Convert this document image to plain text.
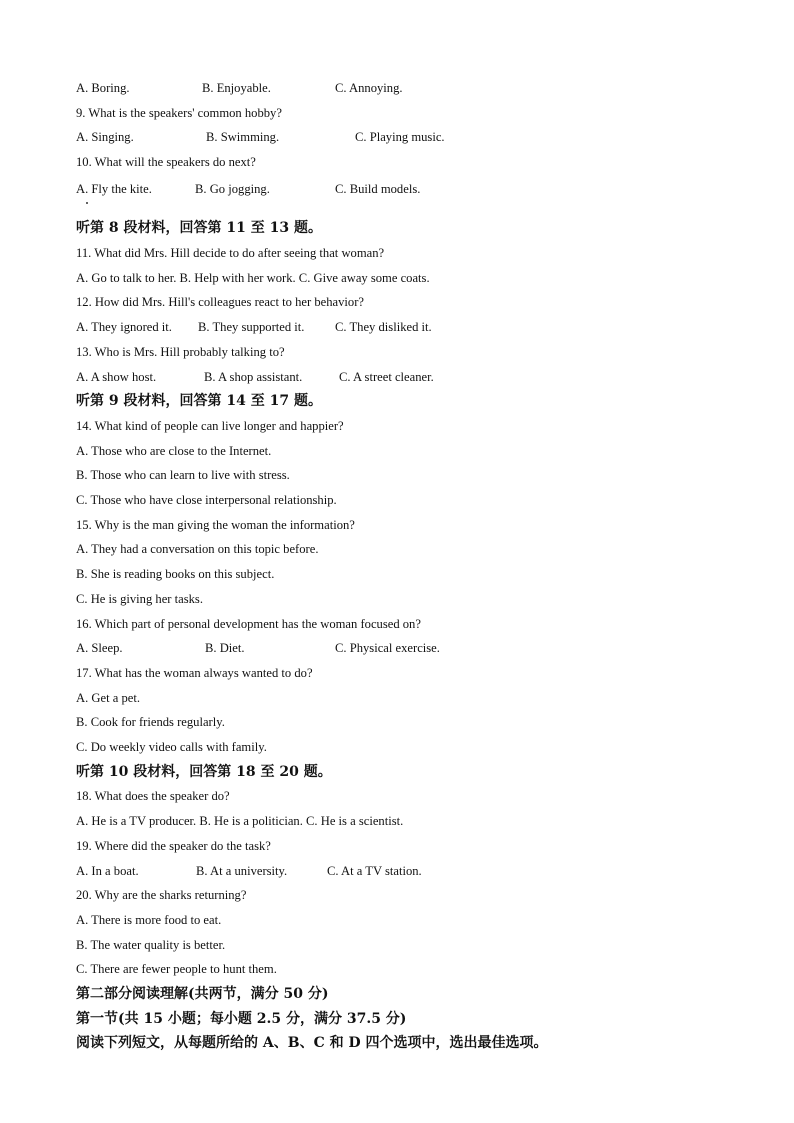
A. Boring.	B. Enjoyable.	C. Annoying.
9. What is the speakers' common hobby?
A. Singing.	B. Swimming.	C. Playing music.
10. What will the speakers do next?
A. Fly the kite.	B. Go jogging.	C. Build models.
听第 8 段材料，回答第 11 至 13 题。
11. What did Mrs. Hill decide to do after seeing that woman?
A. Go to talk to her. B. Help with her work. C. Give away some coats.
12. How did Mrs. Hill's colleagues react to her behavior?
A. They ignored it. B. They supported it. C. They disliked it.
13. Who is Mrs. Hill probably talking to?
A. A show host.	B. A shop assistant.	C. A street cleaner.
听第 9 段材料，回答第 14 至 17 题。
14. What kind of people can live longer and happier?
A. Those who are close to the Internet.
B. Those who can learn to live with stress.
C. Those who have close interpersonal relationship.
15. Why is the man giving the woman the information?
A. They had a conversation on this topic before.
B. She is reading books on this subject.
C. He is giving her tasks.
16. Which part of personal development has the woman focused on?
A. Sleep.	B. Diet.	C. Physical exercise.
17. What has the woman always wanted to do?
A. Get a pet.
B. Cook for friends regularly.
C. Do weekly video calls with family.
听第 10 段材料，回答第 18 至 20 题。
18. What does the speaker do?
A. He is a TV producer. B. He is a politician. C. He is a scientist.
19. Where did the speaker do the task?
A. In a boat.	B. At a university.	C. At a TV station.
20. Why are the sharks returning?
A. There is more food to eat.
B. The water quality is better.
C. There are fewer people to hunt them.
第二部分阅读理解(共两节，满分 50 分)
第一节(共 15 小题；每小题 2.5 分，满分 37.5 分)
阅读下列短文，从每题所给的 A、B、C 和 D 四个选项中，选出最佳选项。
